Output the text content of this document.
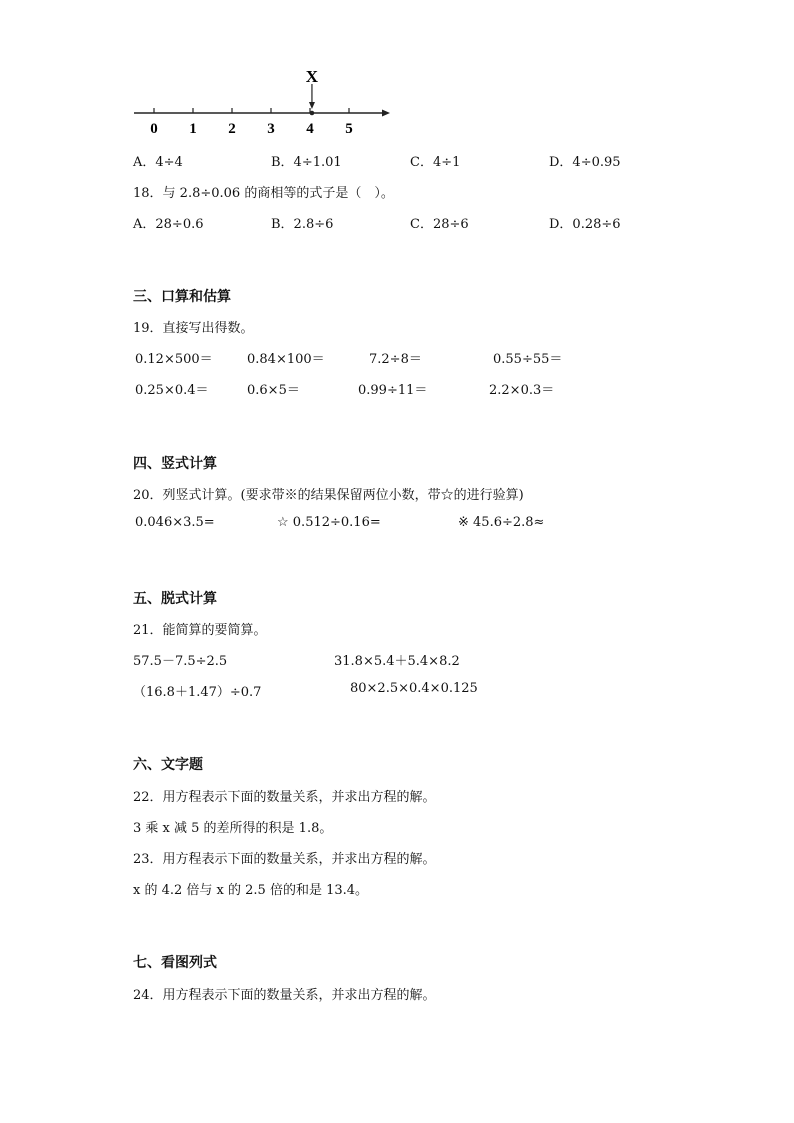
0 1 2 3 4 5
X
A．4÷4	B．4÷1.01	C．4÷1	D．4÷0.95
18．与 2.8÷0.06 的商相等的式子是（　）。
A．28÷0.6	B．2.8÷6	C．28÷6	D．0.28÷6
三、口算和估算
19．直接写出得数。
0.12×500＝	0.84×100＝	7.2÷8＝	0.55÷55＝
0.25×0.4＝	0.6×5＝	0.99÷11＝	2.2×0.3＝
四、竖式计算
20．列竖式计算。(要求带※的结果保留两位小数，带☆的进行验算)
0.046×3.5=	☆ 0.512÷0.16=	※ 45.6÷2.8≈
五、脱式计算
21．能简算的要简算。
57.5－7.5÷2.5	31.8×5.4＋5.4×8.2
（16.8＋1.47）÷0.7	80×2.5×0.4×0.125
六、文字题
22．用方程表示下面的数量关系，并求出方程的解。
3 乘 x 减 5 的差所得的积是 1.8。
23．用方程表示下面的数量关系，并求出方程的解。
x 的 4.2 倍与 x 的 2.5 倍的和是 13.4。
七、看图列式
24．用方程表示下面的数量关系，并求出方程的解。
